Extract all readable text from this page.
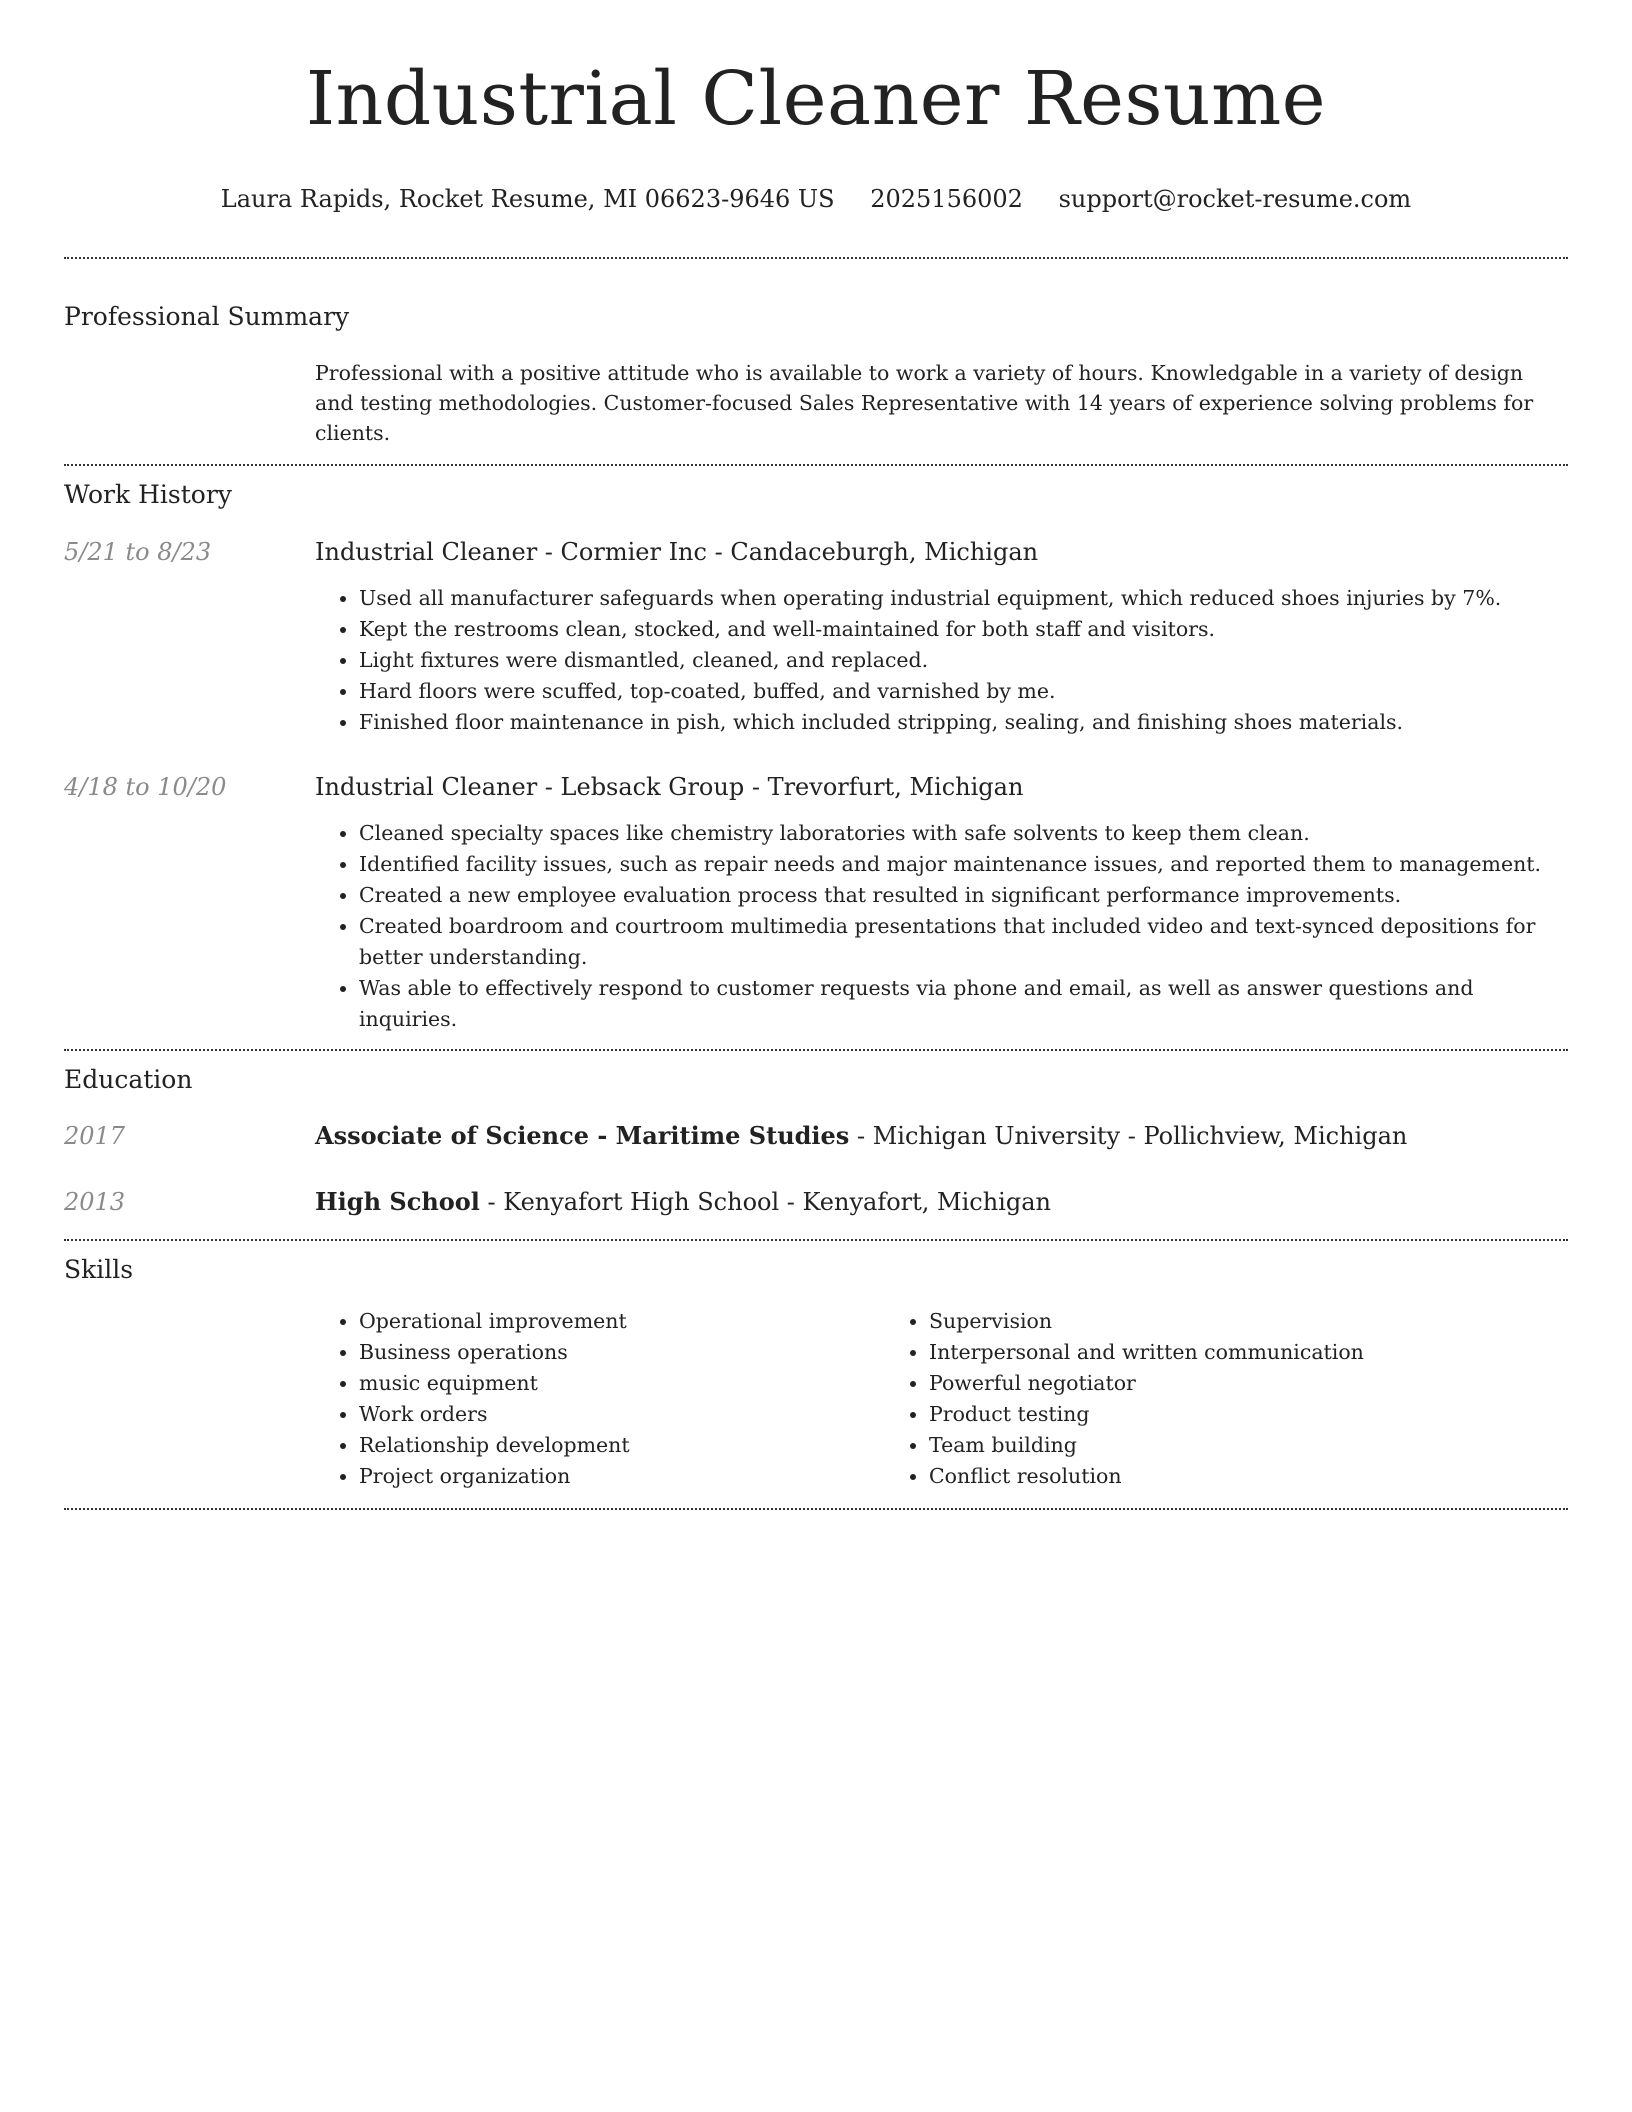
Industrial Cleaner Resume
Laura Rapids, Rocket Resume, MI 06623-9646 US 2025156002 support@rocket-resume.com
Professional Summary
Professional with a positive attitude who is available to work a variety of hours. Knowledgable in a variety of design and testing methodologies. Customer-focused Sales Representative with 14 years of experience solving problems for clients.
Work History
5/21 to 8/23	Industrial Cleaner - Cormier Inc - Candaceburgh, Michigan
• Used all manufacturer safeguards when operating industrial equipment, which reduced shoes injuries by 7%.
• Kept the restrooms clean, stocked, and well-maintained for both staff and visitors.
• Light fixtures were dismantled, cleaned, and replaced.
• Hard floors were scuffed, top-coated, buffed, and varnished by me.
• Finished floor maintenance in pish, which included stripping, sealing, and finishing shoes materials.
4/18 to 10/20	Industrial Cleaner - Lebsack Group - Trevorfurt, Michigan
• Cleaned specialty spaces like chemistry laboratories with safe solvents to keep them clean.
• Identified facility issues, such as repair needs and major maintenance issues, and reported them to management.
• Created a new employee evaluation process that resulted in significant performance improvements.
• Created boardroom and courtroom multimedia presentations that included video and text-synced depositions for better understanding.
• Was able to effectively respond to customer requests via phone and email, as well as answer questions and inquiries.
Education
2017	Associate of Science - Maritime Studies - Michigan University - Pollichview, Michigan
2013	High School - Kenyafort High School - Kenyafort, Michigan
Skills
• Operational improvement
• Business operations
• music equipment
• Work orders
• Relationship development
• Project organization
• Supervision
• Interpersonal and written communication
• Powerful negotiator
• Product testing
• Team building
• Conflict resolution
